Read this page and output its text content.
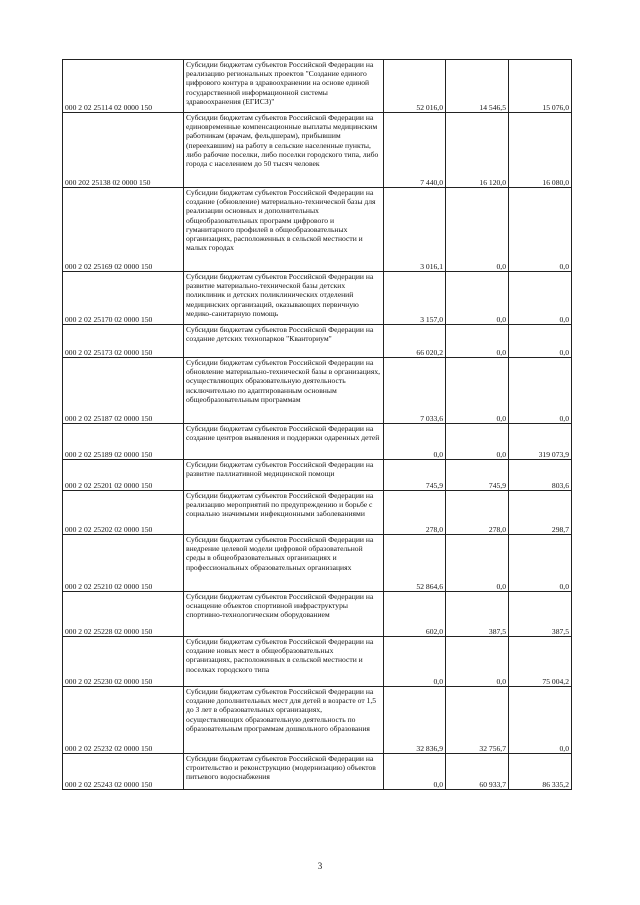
000 2 02 25114 02 0000 150	Субсидии бюджетам субъектов Российской Федерации на реализацию региональных проектов "Создание единого цифрового контура в здравоохранении на основе единой государственной информационной системы здравоохранения (ЕГИСЗ)"	52 016,0	14 546,5	15 076,0
000 202 25138 02 0000 150	Субсидии бюджетам субъектов Российской Федерации на единовременные компенсационные выплаты медицинским работникам (врачам, фельдшерам), прибывшим (переехавшим) на работу в сельские населенные пункты, либо рабочие поселки, либо поселки городского типа, либо города с населением до 50 тысяч человек	7 440,0	16 120,0	16 080,0
000 2 02 25169 02 0000 150	Субсидии бюджетам субъектов Российской Федерации на создание (обновление) материально-технической базы для реализации основных и дополнительных общеобразовательных программ цифрового и гуманитарного профилей в общеобразовательных организациях, расположенных в сельской местности и малых городах	3 016,1	0,0	0,0
000 2 02 25170 02 0000 150	Субсидии бюджетам субъектов Российской Федерации на развитие материально-технической базы детских поликлиник и детских поликлинических отделений медицинских организаций, оказывающих первичную медико-санитарную помощь	3 157,0	0,0	0,0
000 2 02 25173 02 0000 150	Субсидии бюджетам субъектов Российской Федерации на создание детских технопарков "Кванториум"	66 020,2	0,0	0,0
000 2 02 25187 02 0000 150	Субсидии бюджетам субъектов Российской Федерации на обновление материально-технической базы в организациях, осуществляющих образовательную деятельность исключительно по адаптированным основным общеобразовательным программам	7 033,6	0,0	0,0
000 2 02 25189 02 0000 150	Субсидии бюджетам субъектов Российской Федерации на создание центров выявления и поддержки одаренных детей	0,0	0,0	319 073,9
000 2 02 25201 02 0000 150	Субсидии бюджетам субъектов Российской Федерации на развитие паллиативной медицинской помощи	745,9	745,9	803,6
000 2 02 25202 02 0000 150	Субсидии бюджетам субъектов Российской Федерации на реализацию мероприятий по предупреждению и борьбе с социально значимыми инфекционными заболеваниями	278,0	278,0	298,7
000 2 02 25210 02 0000 150	Субсидии бюджетам субъектов Российской Федерации на внедрение целевой модели цифровой образовательной среды в общеобразовательных организациях и профессиональных образовательных организациях	52 864,6	0,0	0,0
000 2 02 25228 02 0000 150	Субсидии бюджетам субъектов Российской Федерации на оснащение объектов спортивной инфраструктуры спортивно-технологическим оборудованием	602,0	387,5	387,5
000 2 02 25230 02 0000 150	Субсидии бюджетам субъектов Российской Федерации на создание новых мест в общеобразовательных организациях, расположенных в сельской местности и поселках городского типа	0,0	0,0	75 004,2
000 2 02 25232 02 0000 150	Субсидии бюджетам субъектов Российской Федерации на создание дополнительных мест для детей в возрасте от 1,5 до 3 лет в образовательных организациях, осуществляющих образовательную деятельность по образовательным программам дошкольного образования	32 836,9	32 756,7	0,0
000 2 02 25243 02 0000 150	Субсидии бюджетам субъектов Российской Федерации на строительство и реконструкцию (модернизацию) объектов питьевого водоснабжения	0,0	60 933,7	86 335,2
3
